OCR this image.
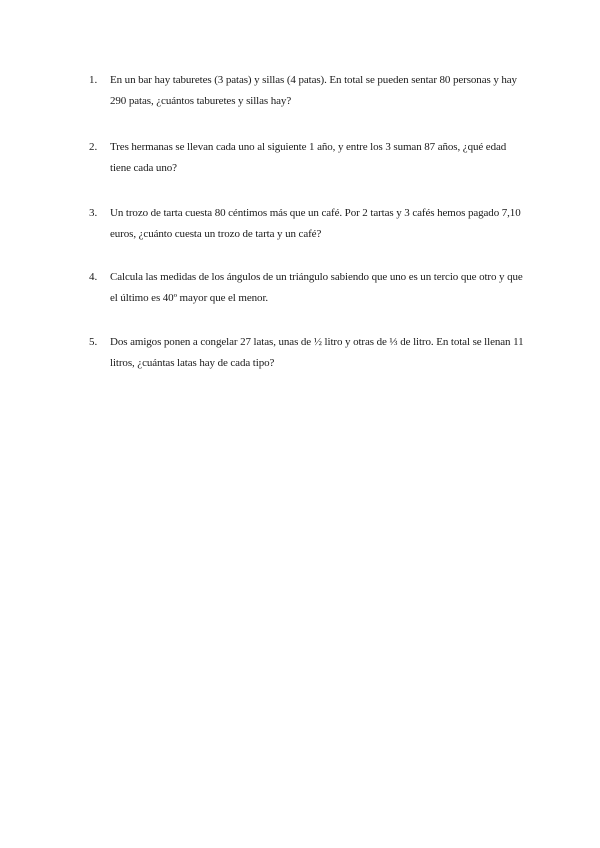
1. En un bar hay taburetes (3 patas) y sillas (4 patas). En total se pueden sentar 80 personas y hay 290 patas, ¿cuántos taburetes y sillas hay?
2. Tres hermanas se llevan cada uno al siguiente 1 año, y entre los 3 suman 87 años, ¿qué edad tiene cada uno?
3. Un trozo de tarta cuesta 80 céntimos más que un café. Por 2 tartas y 3 cafés hemos pagado 7,10 euros, ¿cuánto cuesta un trozo de tarta y un café?
4. Calcula las medidas de los ángulos de un triángulo sabiendo que uno es un tercio que otro y que el último es 40º mayor que el menor.
5. Dos amigos ponen a congelar 27 latas, unas de ½ litro y otras de ⅓ de litro. En total se llenan 11 litros, ¿cuántas latas hay de cada tipo?
